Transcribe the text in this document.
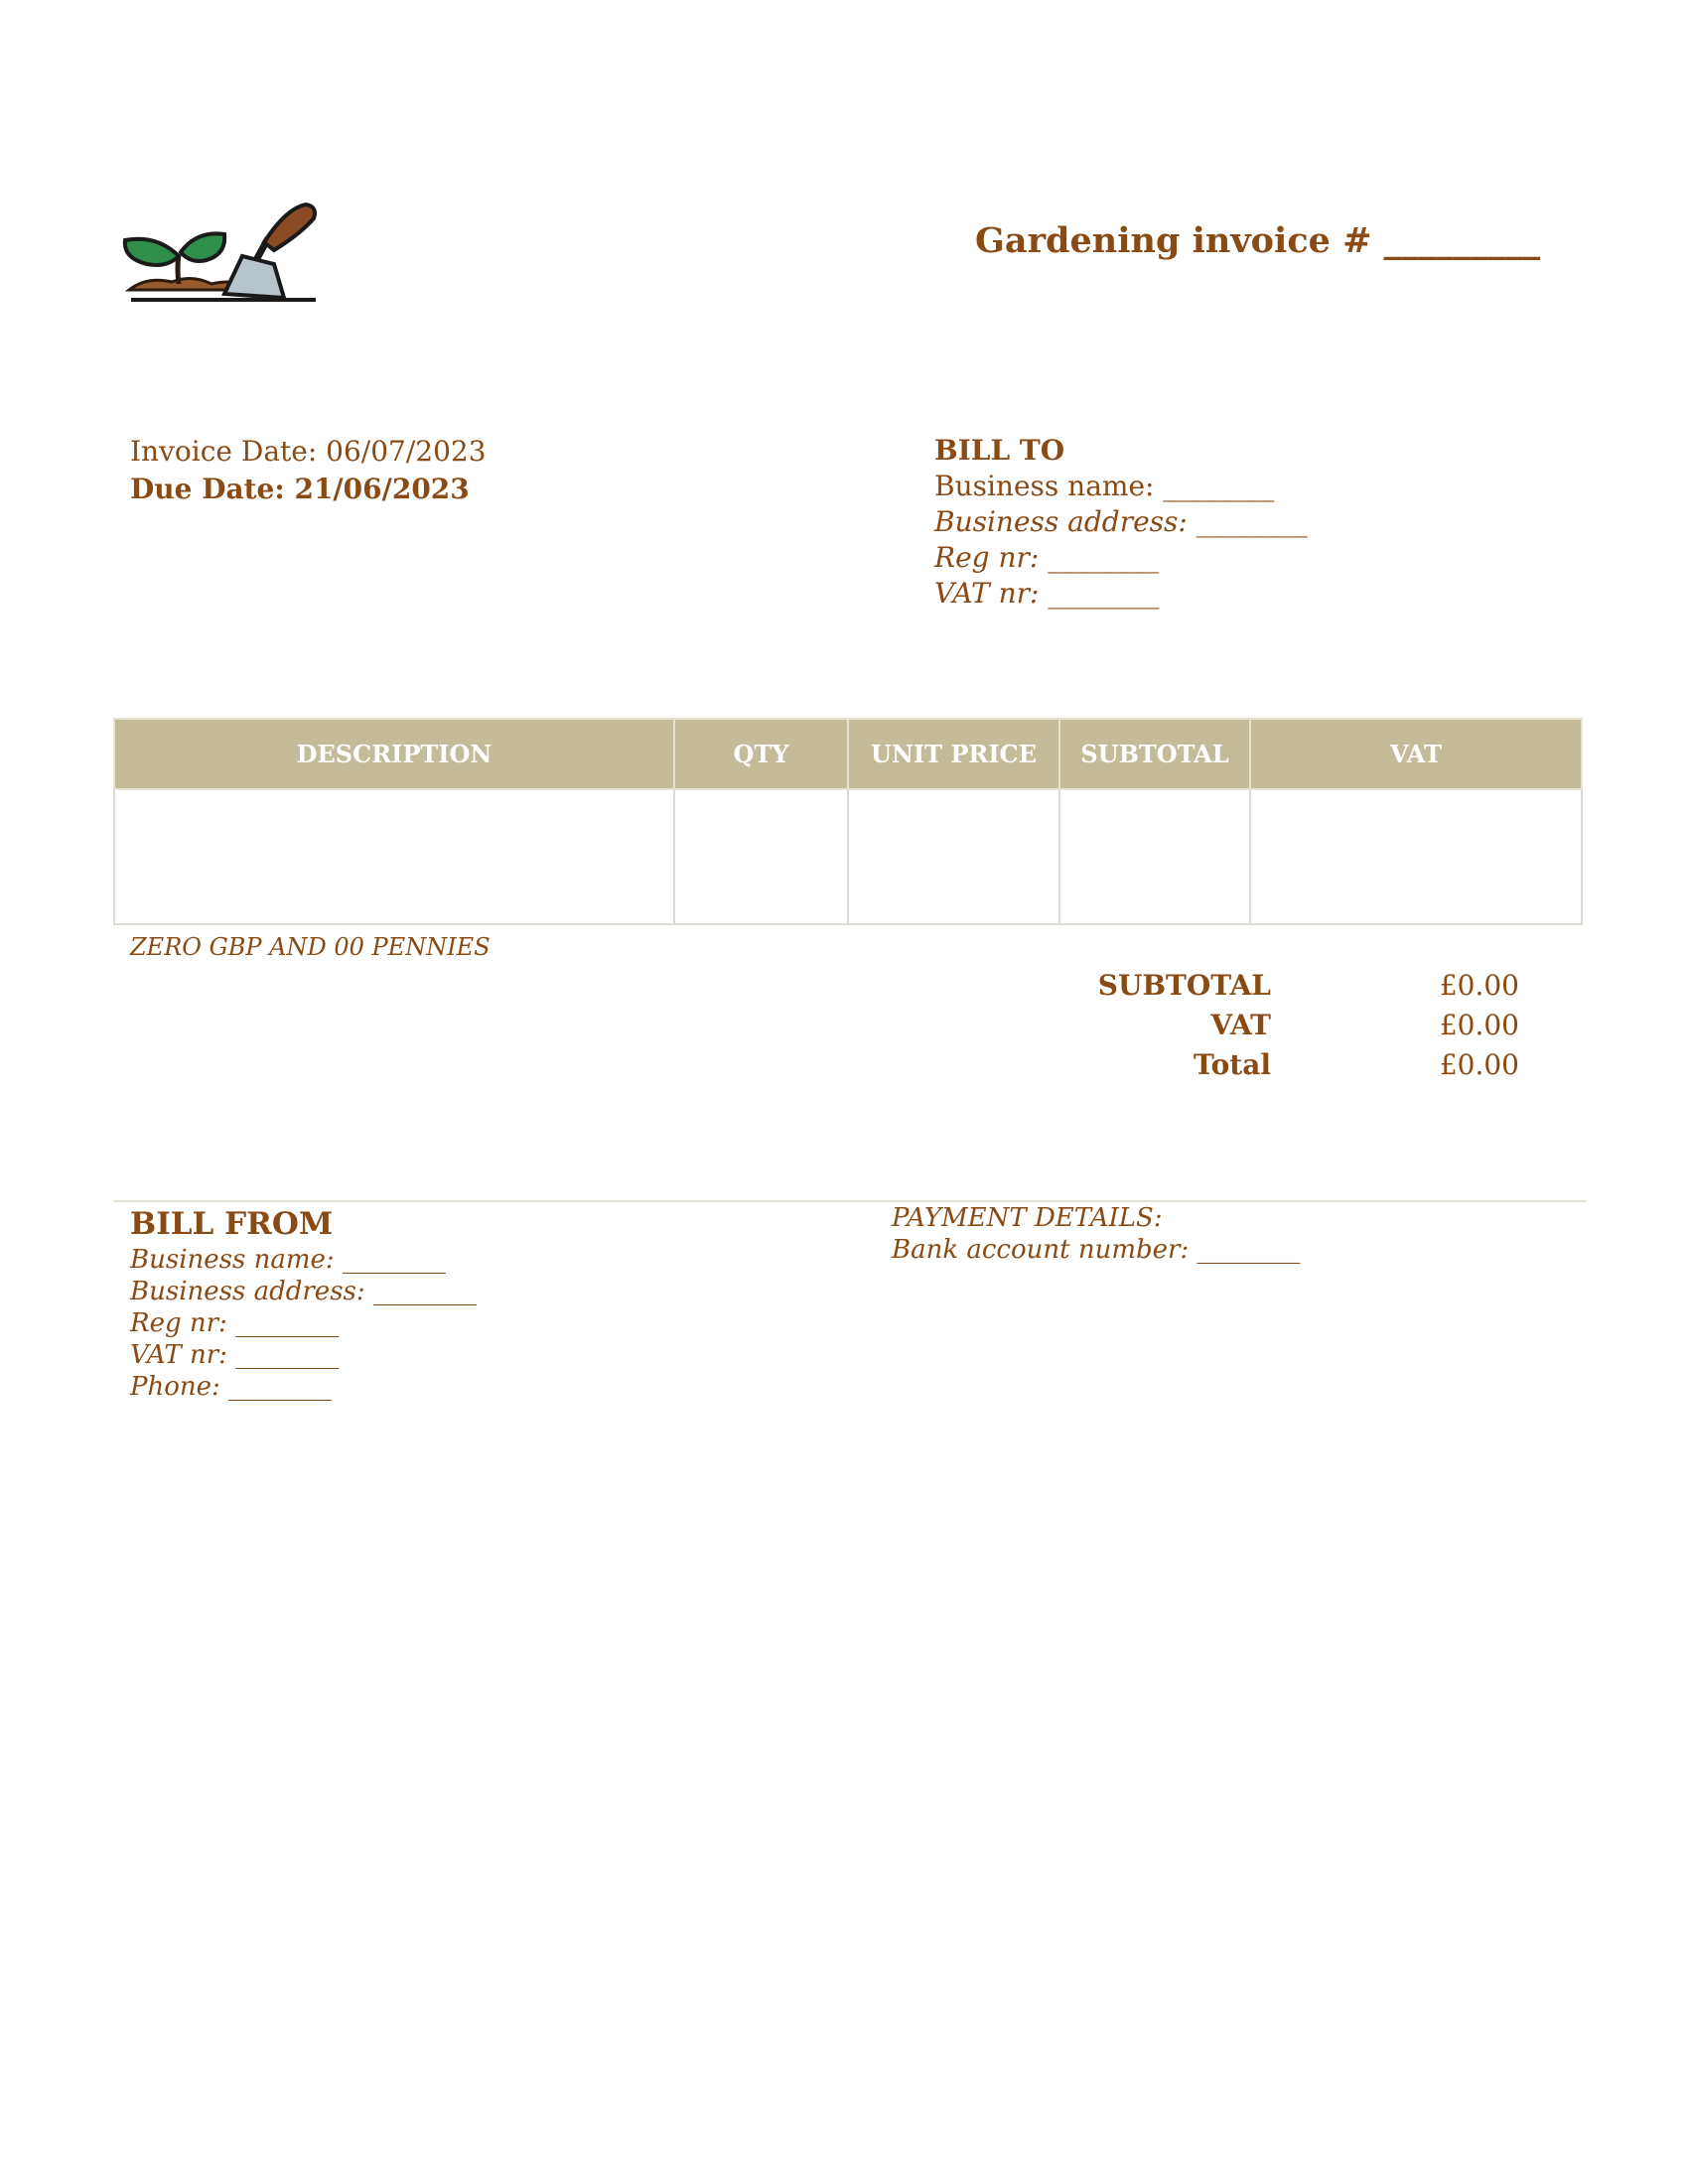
Gardening invoice # _________
Invoice Date: 06/07/2023
Due Date: 21/06/2023
BILL TO
Business name: ________
Business address: ________
Reg nr: ________
VAT nr: ________
DESCRIPTION	QTY	UNIT PRICE	SUBTOTAL	VAT

ZERO GBP AND 00 PENNIES
SUBTOTAL	£0.00
VAT	£0.00
Total	£0.00
BILL FROM
Business name: ________
Business address: ________
Reg nr: ________
VAT nr: ________
Phone: ________
PAYMENT DETAILS:
Bank account number: ________
